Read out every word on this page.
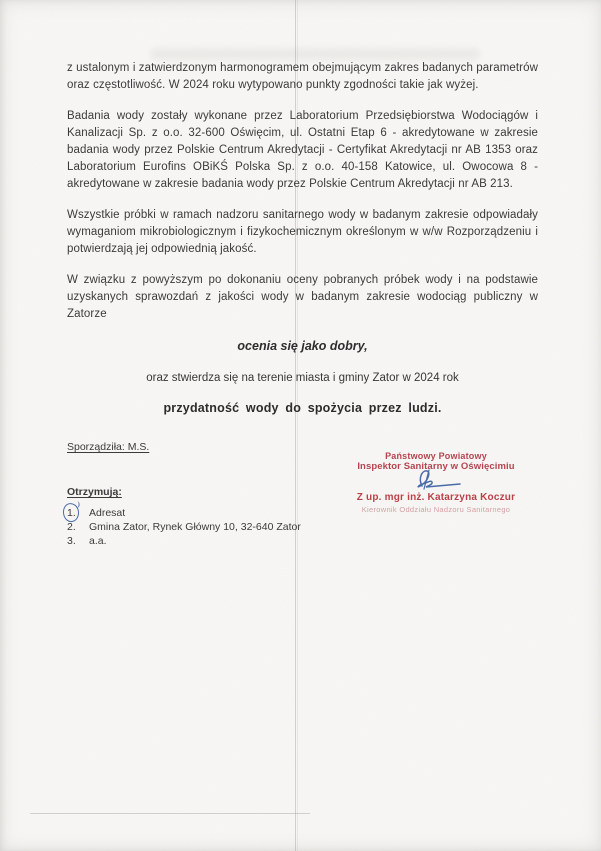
z ustalonym i zatwierdzonym harmonogramem obejmującym zakres badanych parametrów oraz częstotliwość. W 2024 roku wytypowano punkty zgodności takie jak wyżej.

Badania wody zostały wykonane przez Laboratorium Przedsiębiorstwa Wodociągów i Kanalizacji Sp. z o.o. 32-600 Oświęcim, ul. Ostatni Etap 6 - akredytowane w zakresie badania wody przez Polskie Centrum Akredytacji - Certyfikat Akredytacji nr AB 1353 oraz Laboratorium Eurofins OBiKŚ Polska Sp. z o.o. 40-158 Katowice, ul. Owocowa 8 - akredytowane w zakresie badania wody przez Polskie Centrum Akredytacji nr AB 213.

Wszystkie próbki w ramach nadzoru sanitarnego wody w badanym zakresie odpowiadały wymaganiom mikrobiologicznym i fizykochemicznym określonym w w/w Rozporządzeniu i potwierdzają jej odpowiednią jakość.

W związku z powyższym po dokonaniu oceny pobranych próbek wody i na podstawie uzyskanych sprawozdań z jakości wody w badanym zakresie wodociąg publiczny w Zatorze

ocenia się jako dobry,
oraz stwierdza się na terenie miasta i gminy Zator w 2024 rok
przydatność wody do spożycia przez ludzi.
Sporządziła: M.S.
Państwowy Powiatowy
Inspektor Sanitarny w Oświęcimiu
Z up. mgr inż. Katarzyna Koczur
Kierownik Oddziału Nadzoru Sanitarnego
Otrzymują:
1.	Adresat
2.	Gmina Zator, Rynek Główny 10, 32-640 Zator
3.	a.a.
